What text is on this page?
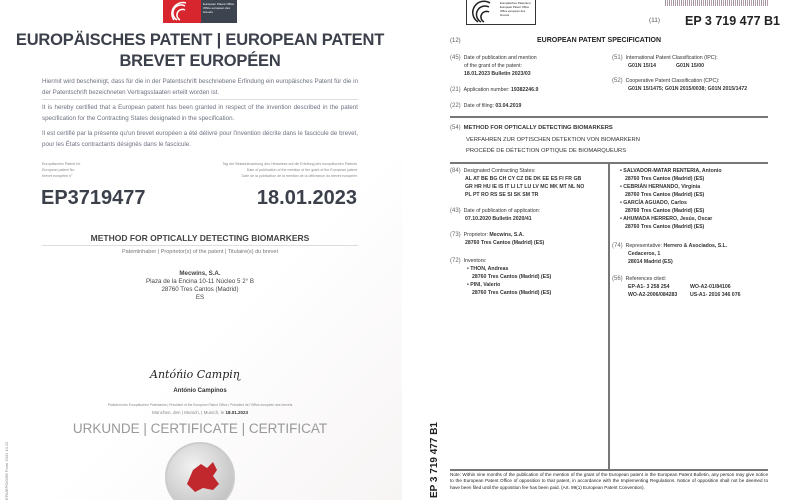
European Patent Office
Office européen des brevets
EUROPÄISCHES PATENT | EUROPEAN PATENT
BREVET EUROPÉEN
Hiermit wird bescheinigt, dass für die in der Patentschrift beschriebene Erfindung ein europäisches Patent für die in der Patentschrift bezeichneten Vertragsstaaten erteilt worden ist.
It is hereby certified that a European patent has been granted in respect of the invention described in the patent specification for the Contracting States designated in the specification.
Il est certifié par la présente qu'un brevet européen a été délivré pour l'invention décrite dans le fascicule de brevet, pour les États contractants désignés dans le fascicule.
Europäisches Patent Nr.
European patent No.
brevet européen n°
Tag der Bekanntmachung des Hinweises auf die Erteilung des europäischen Patents
Date of publication of the mention of the grant of the European patent
Date de la publication de la mention de la délivrance du brevet européen
EP3719477	18.01.2023
METHOD FOR OPTICALLY DETECTING BIOMARKERS
Patentinhaber | Proprietor(s) of the patent | Titulaire(s) du brevet
Mecwins, S.A.
Plaza de la Encina 10-11 Núcleo 5 2° B
28760 Tres Cantos (Madrid)
ES
Antóńio Campiɳ
António Campinos
Präsident des Europäischen Patentamts | President of the European Patent Office | Président de l'Office européen des brevets
München, den | Munich, | Munich, le 18.01.2023
URKUNDE | CERTIFICATE | CERTIFICAT
EPA/EPO/OEB Form 2031 10.22
Europäisches Patentamt
European Patent Office
Office européen des brevets
(11) EP 3 719 477 B1
(12)	EUROPEAN PATENT SPECIFICATION
(45) Date of publication and mention
of the grant of the patent:
18.01.2023 Bulletin 2023/03
(21) Application number: 19382246.9
(22) Date of filing: 03.04.2019
(51) International Patent Classification (IPC):
G01N 15/14	G01N 15/00
(52) Cooperative Patent Classification (CPC):
G01N 15/1475; G01N 2015/0038; G01N 2015/1472
(54) METHOD FOR OPTICALLY DETECTING BIOMARKERS
VERFAHREN ZUR OPTISCHEN DETEKTION VON BIOMARKERN
PROCÉDÉ DE DÉTECTION OPTIQUE DE BIOMARQUEURS
(84) Designated Contracting States:
AL AT BE BG CH CY CZ DE DK EE ES FI FR GB
GR HR HU IE IS IT LI LT LU LV MC MK MT NL NO
PL PT RO RS SE SI SK SM TR
(43) Date of publication of application:
07.10.2020 Bulletin 2020/41
(73) Proprietor: Mecwins, S.A.
28760 Tres Cantos (Madrid) (ES)
(72) Inventors:
• THON, Andreas
28760 Tres Cantos (Madrid) (ES)
• PINI, Valerio
28760 Tres Cantos (Madrid) (ES)
• SALVADOR-MATAR RENTERIA, Antonio
28760 Tres Cantos (Madrid) (ES)
• CEBRIÁN HERNANDO, Virginia
28760 Tres Cantos (Madrid) (ES)
• GARCÍA AGUADO, Carlos
28760 Tres Cantos (Madrid) (ES)
• AHUMADA HERRERO, Jesús, Oscar
28760 Tres Cantos (Madrid) (ES)
(74) Representative: Herrero & Asociados, S.L.
Cedaceros, 1
28014 Madrid (ES)
(56) References cited:
EP-A1- 3 258 254	WO-A2-01/84106
WO-A2-2006/084283 US-A1- 2016 346 076
EP 3 719 477 B1 Note: Within nine months of the publication of the mention of the grant of the European patent in the European Patent Bulletin, any person may give notice to the European Patent Office of opposition to that patent, in accordance with the Implementing Regulations. Notice of opposition shall not be deemed to have been filed until the opposition fee has been paid. (Art. 99(1) European Patent Convention).
